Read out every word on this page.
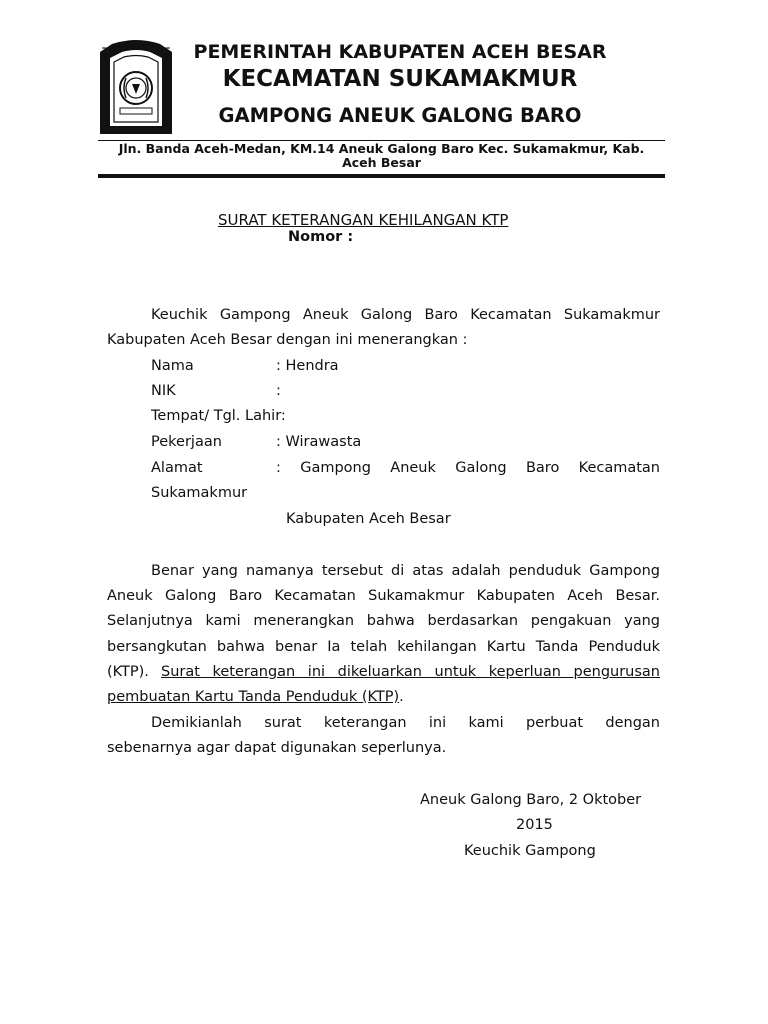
PEMERINTAH KABUPATEN ACEH BESAR
KECAMATAN SUKAMAKMUR
GAMPONG ANEUK GALONG BARO
Jln. Banda Aceh-Medan, KM.14 Aneuk Galong Baro Kec. Sukamakmur, Kab.
Aceh Besar
SURAT KETERANGAN KEHILANGAN KTP
Nomor :
Keuchik Gampong Aneuk Galong Baro Kecamatan Sukamakmur
Kabupaten Aceh Besar dengan ini menerangkan :
Nama	: Hendra
NIK	:
Tempat/ Tgl. Lahir:
Pekerjaan	: Wirawasta
Alamat	: Gampong Aneuk Galong Baro Kecamatan
Sukamakmur
Kabupaten Aceh Besar
Benar yang namanya tersebut di atas adalah penduduk Gampong
Aneuk Galong Baro Kecamatan Sukamakmur Kabupaten Aceh Besar.
Selanjutnya kami menerangkan bahwa berdasarkan pengakuan yang
bersangkutan bahwa benar Ia telah kehilangan Kartu Tanda Penduduk
(KTP). Surat keterangan ini dikeluarkan untuk keperluan pengurusan
pembuatan Kartu Tanda Penduduk (KTP).
Demikianlah surat keterangan ini kami perbuat dengan
sebenarnya agar dapat digunakan seperlunya.
Aneuk Galong Baro, 2 Oktober
2015
Keuchik Gampong
